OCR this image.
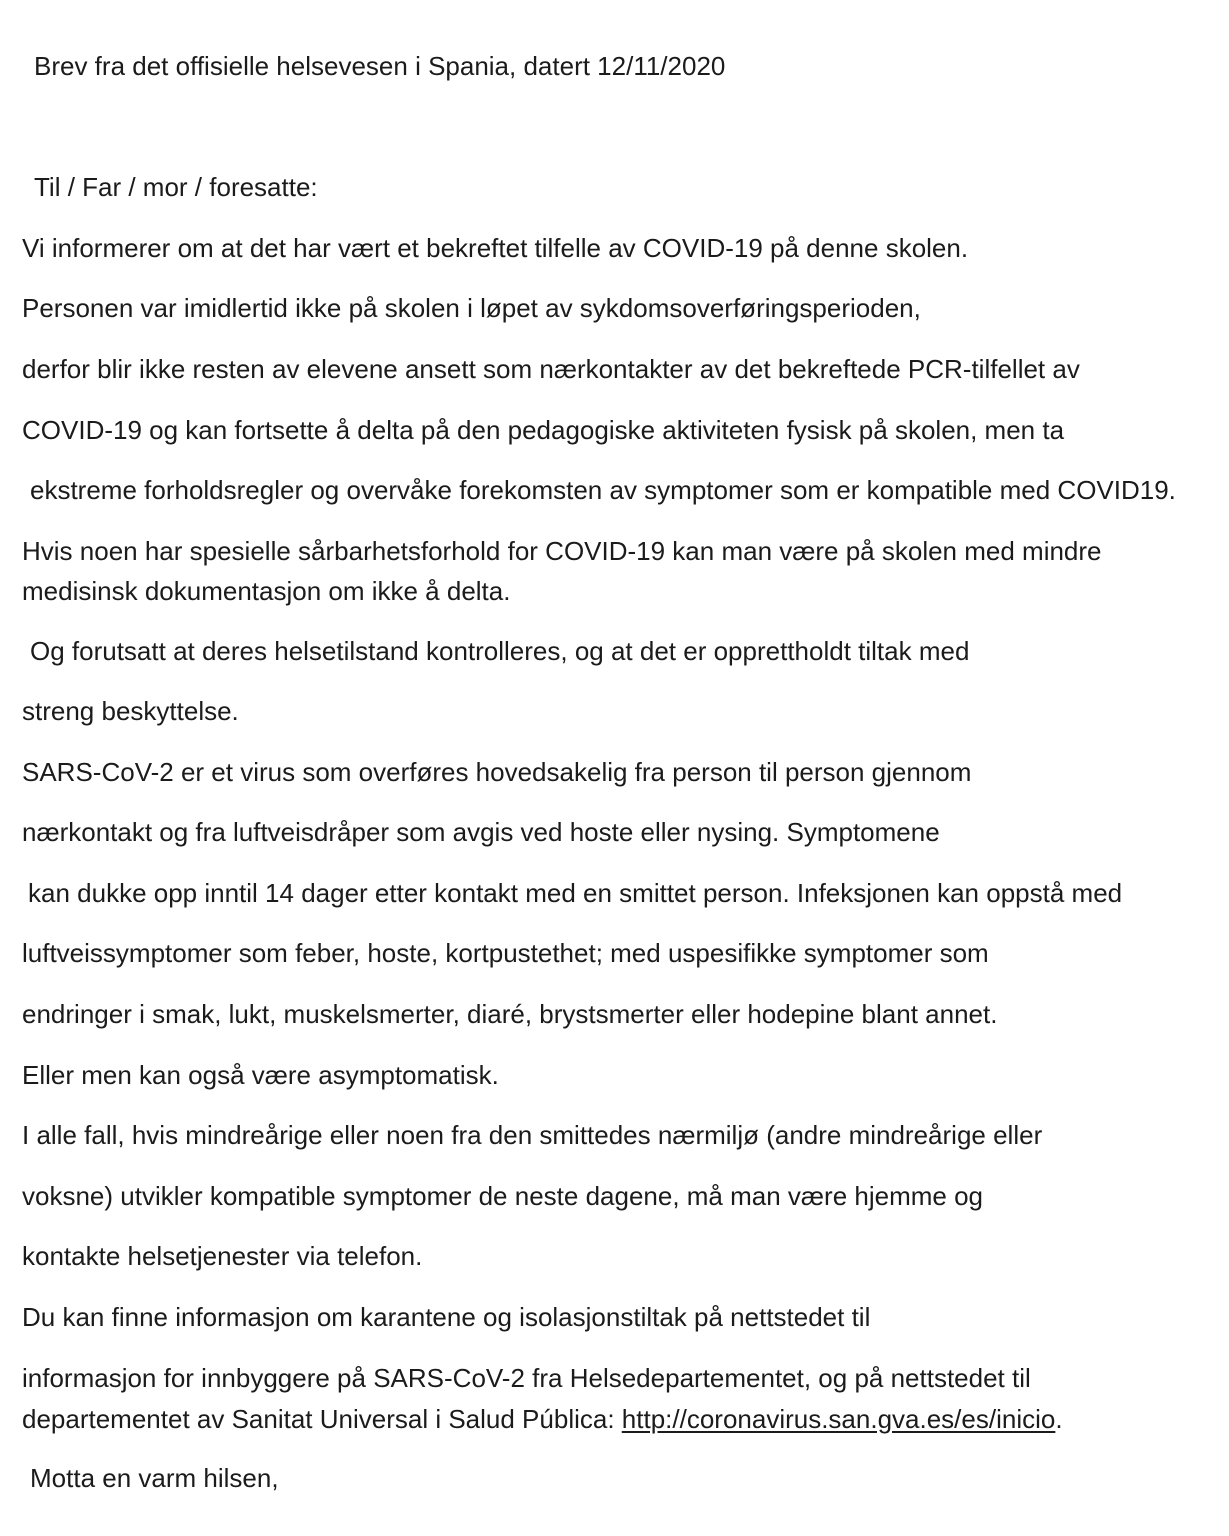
Brev fra det offisielle helsevesen i Spania, datert 12/11/2020

Til / Far / mor / foresatte:

Vi informerer om at det har vært et bekreftet tilfelle av COVID-19 på denne skolen.

Personen var imidlertid ikke på skolen i løpet av sykdomsoverføringsperioden,

derfor blir ikke resten av elevene ansett som nærkontakter av det bekreftede PCR-tilfellet av

COVID-19 og kan fortsette å delta på den pedagogiske aktiviteten fysisk på skolen, men ta

ekstreme forholdsregler og overvåke forekomsten av symptomer som er kompatible med COVID19.

Hvis noen har spesielle sårbarhetsforhold for COVID-19 kan man være på skolen med mindre

medisinsk dokumentasjon om ikke å delta.

Og forutsatt at deres helsetilstand kontrolleres, og at det er opprettholdt tiltak med

streng beskyttelse.

SARS-CoV-2 er et virus som overføres hovedsakelig fra person til person gjennom

nærkontakt og fra luftveisdråper som avgis ved hoste eller nysing. Symptomene

kan dukke opp inntil 14 dager etter kontakt med en smittet person. Infeksjonen kan oppstå med

luftveissymptomer som feber, hoste, kortpustethet; med uspesifikke symptomer som

endringer i smak, lukt, muskelsmerter, diaré, brystsmerter eller hodepine blant annet.

Eller men kan også være asymptomatisk.

I alle fall, hvis mindreårige eller noen fra den smittedes nærmiljø (andre mindreårige eller

voksne) utvikler kompatible symptomer de neste dagene, må man være hjemme og

kontakte helsetjenester via telefon.

Du kan finne informasjon om karantene og isolasjonstiltak på nettstedet til

informasjon for innbyggere på SARS-CoV-2 fra Helsedepartementet, og på nettstedet til

departementet av Sanitat Universal i Salud Pública: http://coronavirus.san.gva.es/es/inicio.

Motta en varm hilsen,
